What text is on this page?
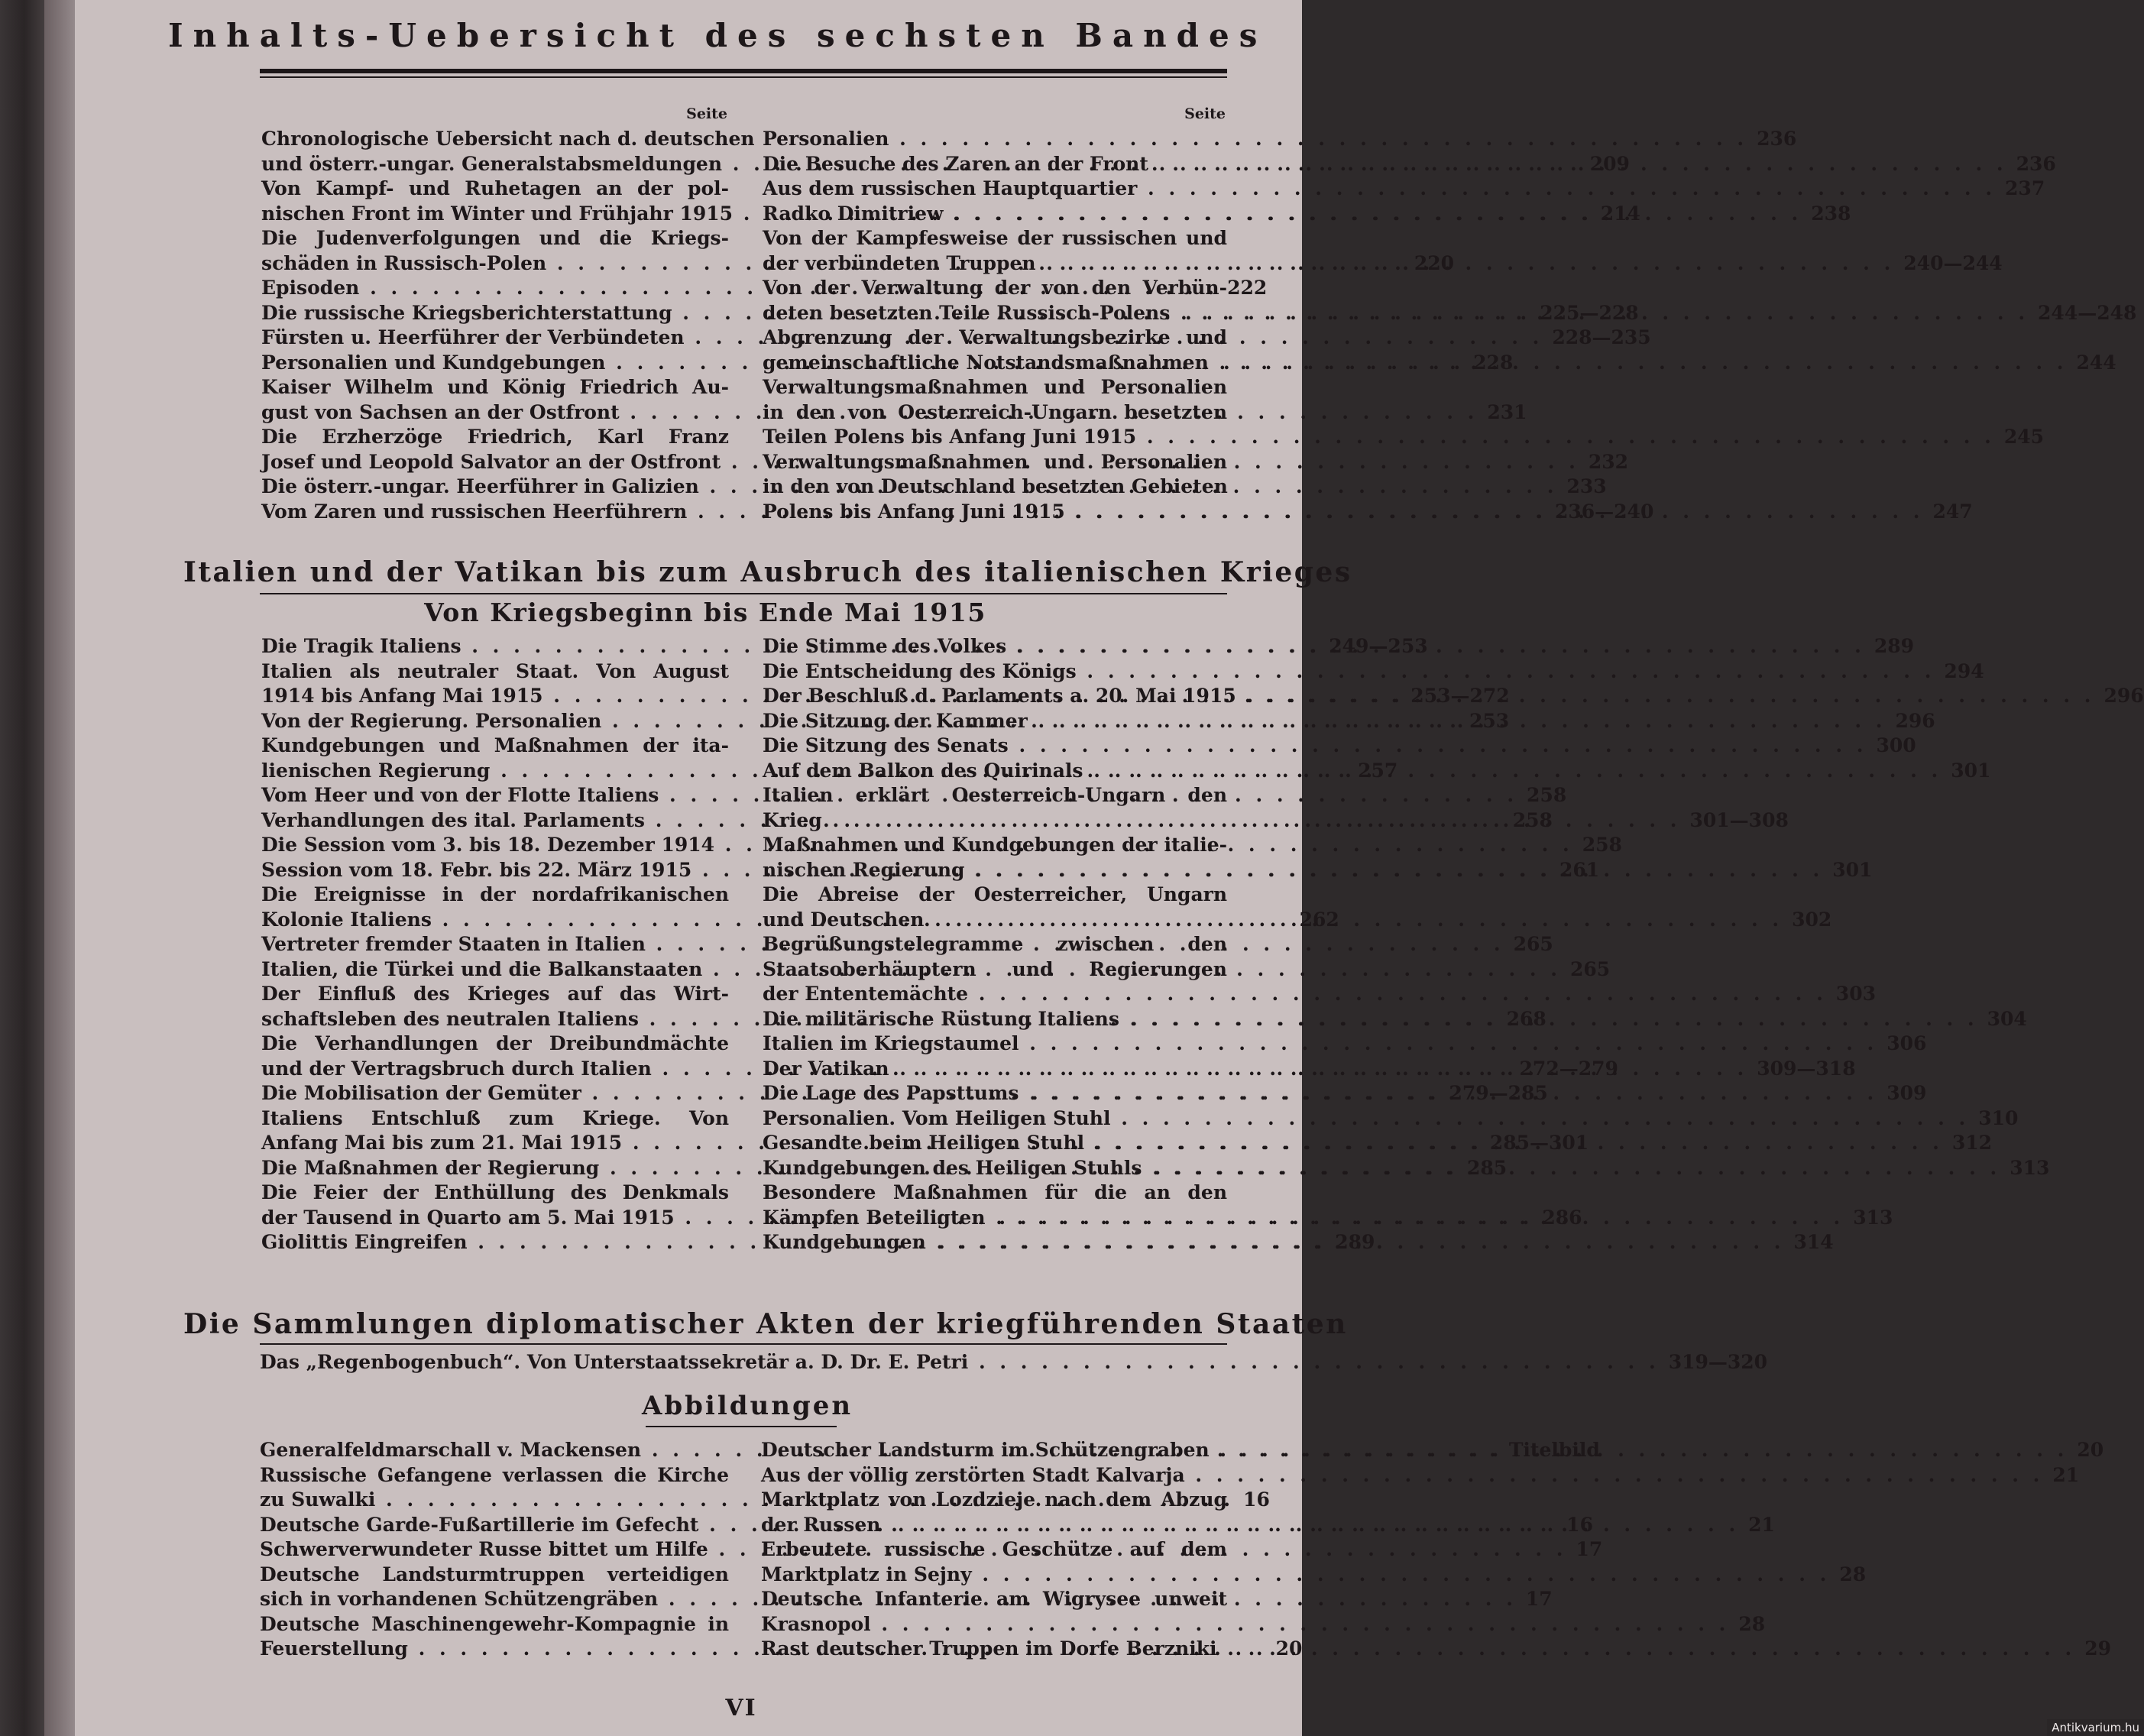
Inhalts-Uebersicht des sechsten Bandes
Seite
Chronologische Uebersicht nach d. deutschen
und österr.-ungar. Generalstabsmeldungen . . .	209
Von Kampf- und Ruhetagen an der pol-
nischen Front im Winter und Frühjahr 1915 . . .	214
Die Judenverfolgungen und die Kriegs-
schäden in Russisch-Polen . . .	220
Episoden . . .	222
Die russische Kriegsberichterstattung . . .	225—228
Fürsten u. Heerführer der Verbündeten . . .	228—235
Personalien und Kundgebungen . . .	228
Kaiser Wilhelm und König Friedrich Au-
gust von Sachsen an der Ostfront . . .	231
Die Erzherzöge Friedrich, Karl Franz
Josef und Leopold Salvator an der Ostfront . . .	232
Die österr.-ungar. Heerführer in Galizien . . .	233
Vom Zaren und russischen Heerführern . . .	236—240
Seite
Personalien . . .	236
Die Besuche des Zaren an der Front . . .	236
Aus dem russischen Hauptquartier . . .	237
Radko Dimitriew . . .	238
Von der Kampfesweise der russischen und
der verbündeten Truppen . . .	240—244
Von der Verwaltung der von den Verbün-
deten besetzten Teile Russisch-Polens . . .	244—248
Abgrenzung der Verwaltungsbezirke und
gemeinschaftliche Notstandsmaßnahmen . . .	244
Verwaltungsmaßnahmen und Personalien
in den von Oesterreich-Ungarn besetzten
Teilen Polens bis Anfang Juni 1915 . . .	245
Verwaltungsmaßnahmen und Personalien
in den von Deutschland besetzten Gebieten
Polens bis Anfang Juni 1915 . . .	247
Italien und der Vatikan bis zum Ausbruch des italienischen Krieges
Von Kriegsbeginn bis Ende Mai 1915
Die Tragik Italiens . . .	249—253
Italien als neutraler Staat. Von August
1914 bis Anfang Mai 1915 . . .	253—272
Von der Regierung. Personalien . . .	253
Kundgebungen und Maßnahmen der ita-
lienischen Regierung . . .	257
Vom Heer und von der Flotte Italiens . . .	258
Verhandlungen des ital. Parlaments . . .	258
Die Session vom 3. bis 18. Dezember 1914 . . .	258
Session vom 18. Febr. bis 22. März 1915 . . .	261
Die Ereignisse in der nordafrikanischen
Kolonie Italiens . . .	262
Vertreter fremder Staaten in Italien . . .	265
Italien, die Türkei und die Balkanstaaten . . .	265
Der Einfluß des Krieges auf das Wirt-
schaftsleben des neutralen Italiens . . .	268
Die Verhandlungen der Dreibundmächte
und der Vertragsbruch durch Italien . . .	272—279
Die Mobilisation der Gemüter . . .	279—285
Italiens Entschluß zum Kriege. Von
Anfang Mai bis zum 21. Mai 1915 . . .	285—301
Die Maßnahmen der Regierung . . .	285
Die Feier der Enthüllung des Denkmals
der Tausend in Quarto am 5. Mai 1915 . . .	286
Giolittis Eingreifen . . .	289
Die Stimme des Volkes . . .	289
Die Entscheidung des Königs . . .	294
Der Beschluß d. Parlaments a. 20. Mai 1915 . . .	296
Die Sitzung der Kammer . . .	296
Die Sitzung des Senats . . .	300
Auf dem Balkon des Quirinals . . .	301
Italien erklärt Oesterreich-Ungarn den
Krieg . . .	301—308
Maßnahmen und Kundgebungen der italie-
nischen Regierung . . .	301
Die Abreise der Oesterreicher, Ungarn
und Deutschen . . .	302
Begrüßungstelegramme zwischen den
Staatsoberhäuptern und Regierungen
der Ententemächte . . .	303
Die militärische Rüstung Italiens . . .	304
Italien im Kriegstaumel . . .	306
Der Vatikan . . .	309—318
Die Lage des Papsttums . . .	309
Personalien. Vom Heiligen Stuhl . . .	310
Gesandte beim Heiligen Stuhl . . .	312
Kundgebungen des Heiligen Stuhls . . .	313
Besondere Maßnahmen für die an den
Kämpfen Beteiligten . . .	313
Kundgebungen . . .	314
Die Sammlungen diplomatischer Akten der kriegführenden Staaten
Das „Regenbogenbuch“. Von Unterstaatssekretär a. D. Dr. E. Petri . . .	319—320
Abbildungen
Generalfeldmarschall v. Mackensen . . .	Titelbild
Russische Gefangene verlassen die Kirche
zu Suwalki . . .	16
Deutsche Garde-Fußartillerie im Gefecht . . .	16
Schwerverwundeter Russe bittet um Hilfe . . .	17
Deutsche Landsturmtruppen verteidigen
sich in vorhandenen Schützengräben . . .	17
Deutsche Maschinengewehr-Kompagnie in
Feuerstellung . . .	20
Deutscher Landsturm im Schützengraben . . .	20
Aus der völlig zerstörten Stadt Kalvarja . . .	21
Marktplatz von Lozdzieje nach dem Abzug
der Russen . . .	21
Erbeutete russische Geschütze auf dem
Marktplatz in Sejny . . .	28
Deutsche Infanterie am Wigrysee unweit
Krasnopol . . .	28
Rast deutscher Truppen im Dorfe Berzniki . . .	29
VI
Antikvarium.hu
